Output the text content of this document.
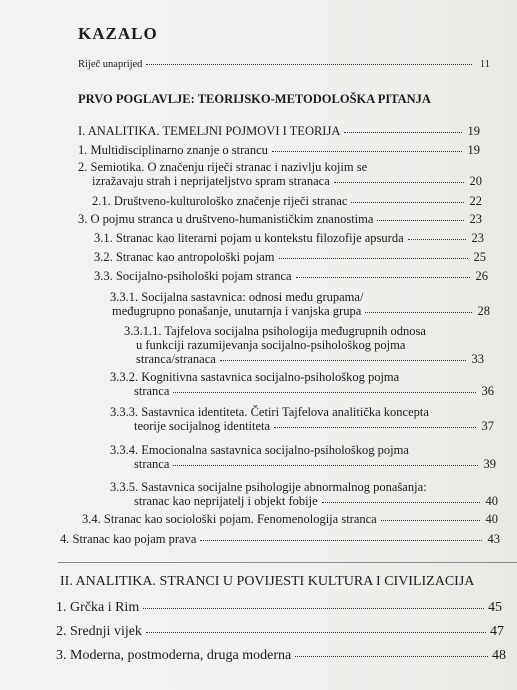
KAZALO
Riječ unaprijed	11
PRVO POGLAVLJE: TEORIJSKO-METODOLOŠKA PITANJA
I. ANALITIKA. TEMELJNI POJMOVI I TEORIJA	19
1. Multidisciplinarno znanje o strancu	19
2. Semiotika. O značenju riječi stranac i nazivlju kojim se
izražavaju strah i neprijateljstvo spram stranaca	20
2.1. Društveno-kulturološko značenje riječi stranac	22
3. O pojmu stranca u društveno-humanističkim znanostima	23
3.1. Stranac kao literarni pojam u kontekstu filozofije apsurda	23
3.2. Stranac kao antropološki pojam	25
3.3. Socijalno-psihološki pojam stranca	26
3.3.1. Socijalna sastavnica: odnosi među grupama/
međugrupno ponašanje, unutarnja i vanjska grupa	28
3.3.1.1. Tajfelova socijalna psihologija međugrupnih odnosa
u funkciji razumijevanja socijalno-psihološkog pojma
stranca/stranaca	33
3.3.2. Kognitivna sastavnica socijalno-psihološkog pojma
stranca	36
3.3.3. Sastavnica identiteta. Četiri Tajfelova analitička koncepta
teorije socijalnog identiteta	37
3.3.4. Emocionalna sastavnica socijalno-psihološkog pojma
stranca	39
3.3.5. Sastavnica socijalne psihologije abnormalnog ponašanja:
stranac kao neprijatelj i objekt fobije	40
3.4. Stranac kao sociološki pojam. Fenomenologija stranca	40
4. Stranac kao pojam prava	43
II. ANALITIKA. STRANCI U POVIJESTI KULTURA I CIVILIZACIJA
1. Grčka i Rim	45
2. Srednji vijek	47
3. Moderna, postmoderna, druga moderna	48
